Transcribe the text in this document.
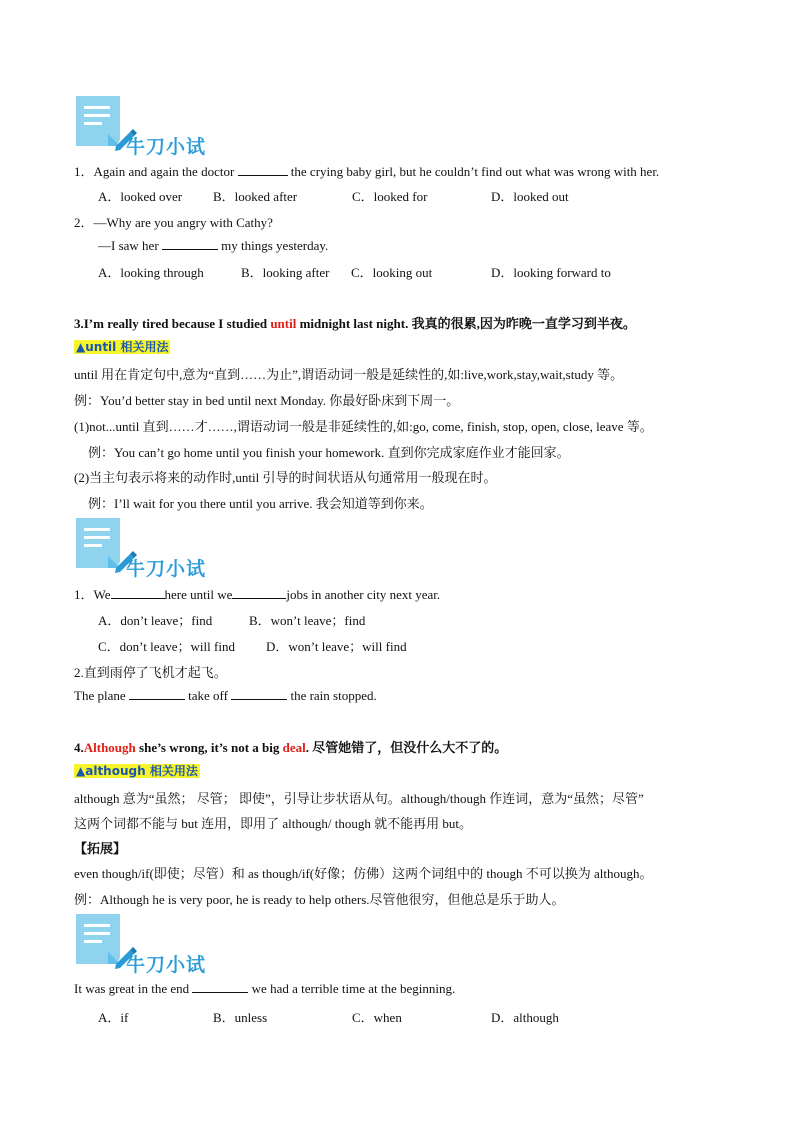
牛刀小试
1．Again and again the doctor	the crying baby girl, but he couldn’t find out what was wrong with her.
A．looked over B．looked after	C．looked for	D．looked out
2．—Why are you angry with Cathy?
—I saw her	my things yesterday.
A．looking through	B．looking after C．looking out	D．looking forward to
3.I’m really tired because I studied until midnight last night. 我真的很累,因为昨晚一直学习到半夜。
▲until 相关用法
until 用在肯定句中,意为“直到……为止”,谓语动词一般是延续性的,如:live,work,stay,wait,study 等。
例：You’d better stay in bed until next Monday. 你最好卧床到下周一。
(1)not...until 直到……才……,谓语动词一般是非延续性的,如:go, come, finish, stop, open, close, leave 等。
例：You can’t go home until you finish your homework. 直到你完成家庭作业才能回家。
(2)当主句表示将来的动作时,until 引导的时间状语从句通常用一般现在时。
例：I’ll wait for you there until you arrive. 我会知道等到你来。
牛刀小试
1．We	here until we	jobs in another city next year.
A．don’t leave；find	B．won’t leave；find
C．don’t leave；will find D．won’t leave；will find
2.直到雨停了飞机才起飞。
The plane	take off	the rain stopped.
4.Although she’s wrong, it’s not a big deal. 尽管她错了，但没什么大不了的。
▲although 相关用法
although 意为“虽然； 尽管； 即使”，引导让步状语从句。although/though 作连词，意为“虽然；尽管”
这两个词都不能与 but 连用，即用了 although/ though 就不能再用 but。
【拓展】
even though/if(即使；尽管）和 as though/if(好像；仿佛）这两个词组中的 though 不可以换为 although。
例：Although he is very poor, he is ready to help others.尽管他很穷，但他总是乐于助人。
牛刀小试
It was great in the end	we had a terrible time at the beginning.
A．if	B．unless	C．when	D．although
